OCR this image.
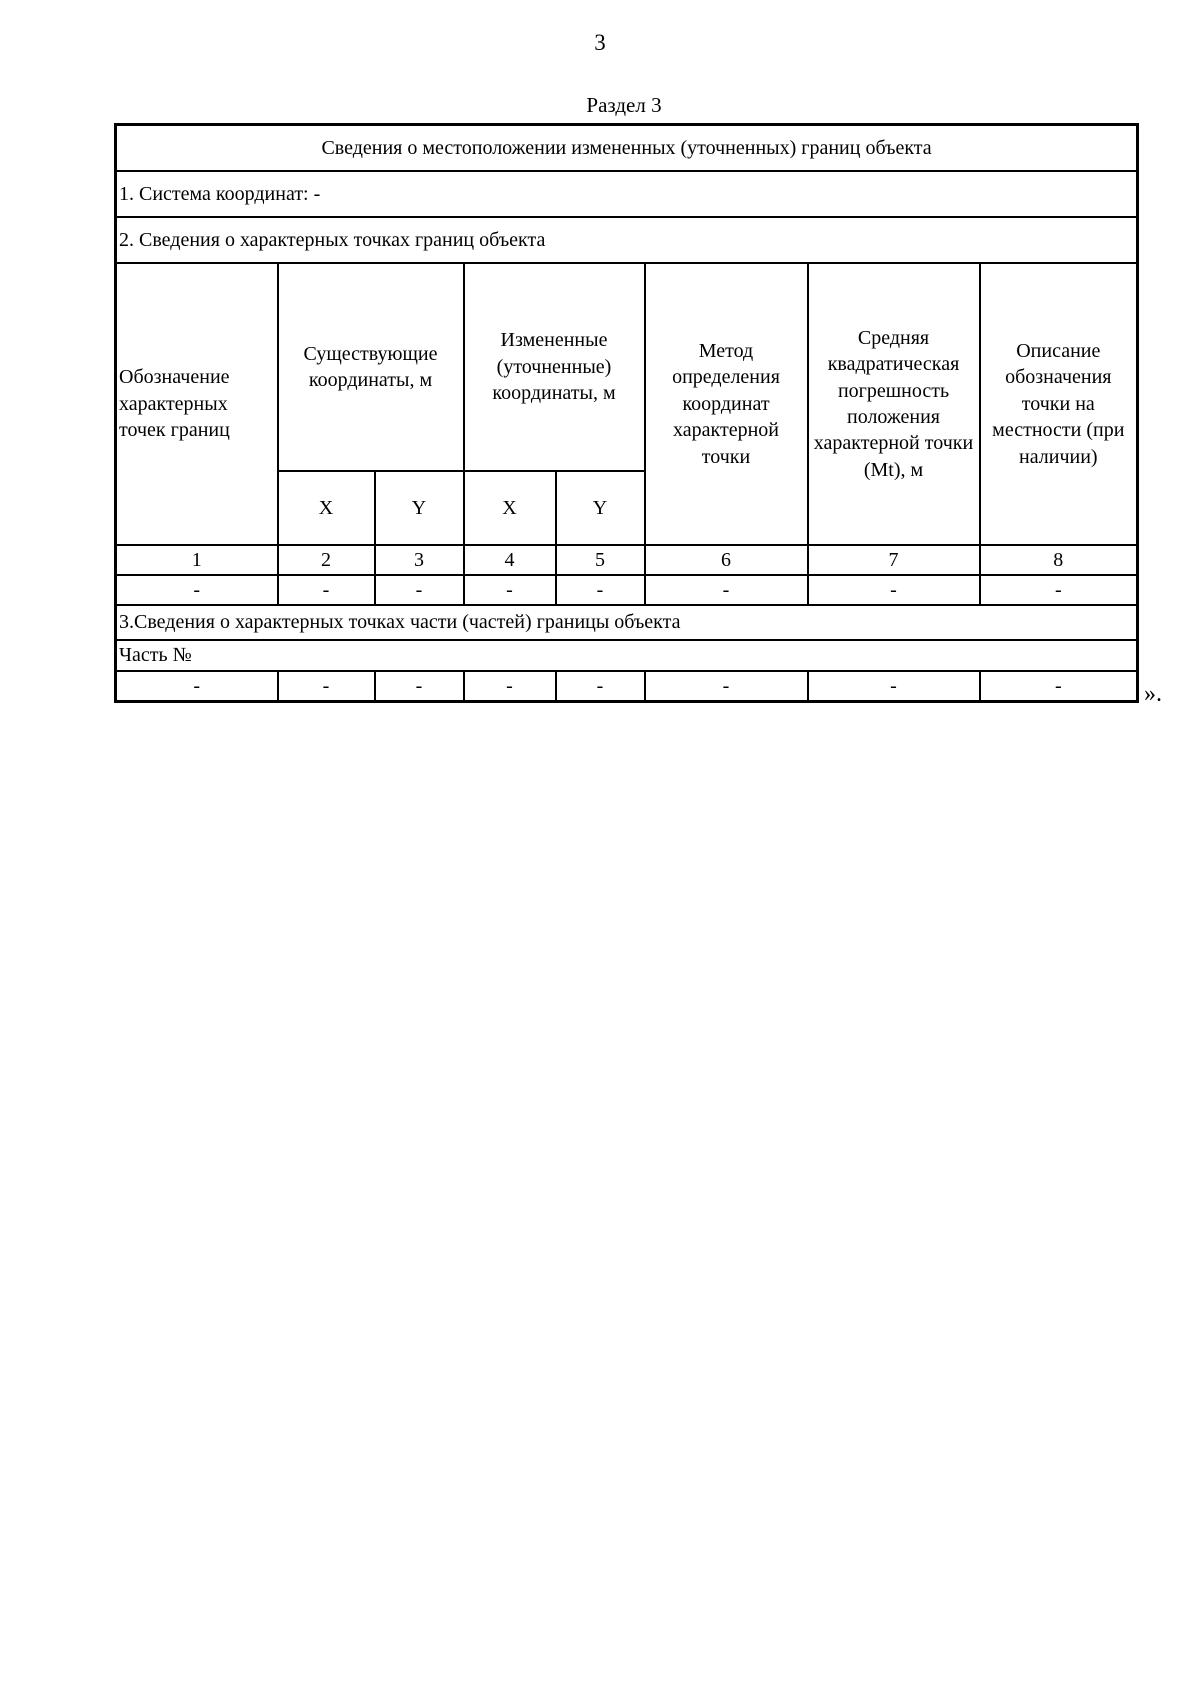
3
Раздел 3
Сведения о местоположении измененных (уточненных) границ объекта							
1. Система координат: -							
2. Сведения о характерных точках границ объекта							
Обозначение характерных точек границ	Существующие координаты, м		Измененные (уточненные) координаты, м		Метод определения координат характерной точки	Средняя квадратическая погрешность положения характерной точки (Mt), м	Описание обозначения точки на местности (при наличии)
	X	Y	X	Y			
1	2	3	4	5	6	7	8
-	-	-	-	-	-	-	-
3.Сведения о характерных точках части (частей) границы объекта							
Часть №							
-	-	-	-	-	-	-	-	».
